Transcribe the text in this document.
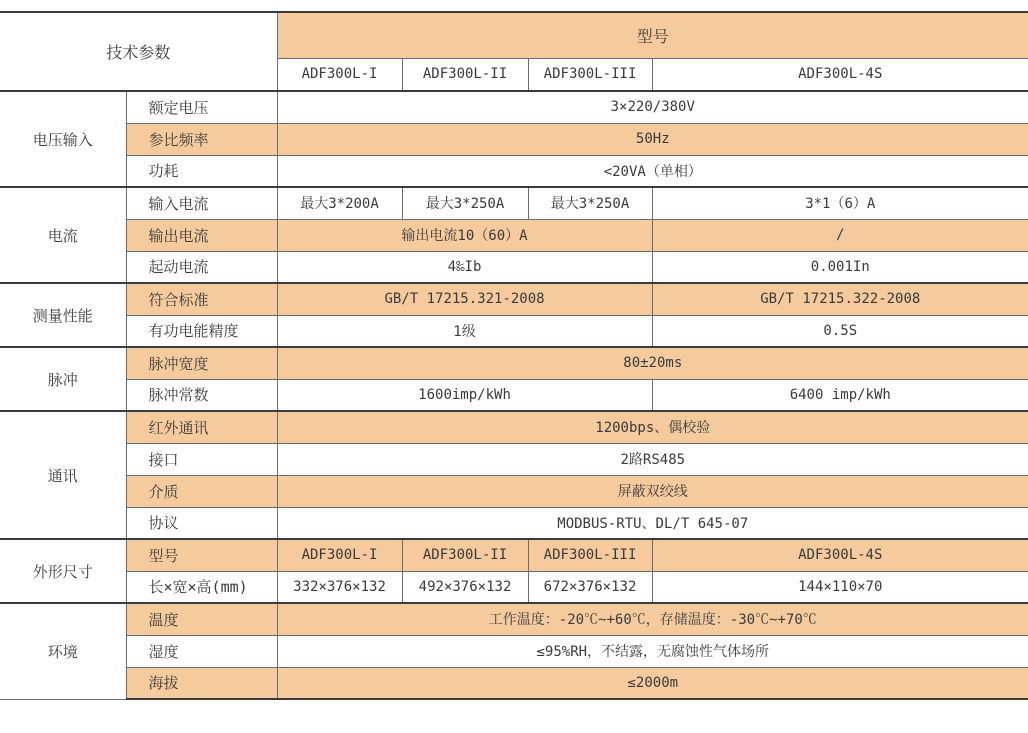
技术参数		型号			
		ADF300L-I	ADF300L-II	ADF300L-III	ADF300L-4S
电压输入	额定电压	3×220/380V			
	参比频率	50Hz			
	功耗	<20VA（单相）			
电流	输入电流	最大3*200A	最大3*250A	最大3*250A	3*1（6）A
	输出电流	输出电流10（60）A			/
	起动电流	4‰Ib			0.001In
测量性能	符合标准	GB/T 17215.321-2008			GB/T 17215.322-2008
	有功电能精度	1级			0.5S
脉冲	脉冲宽度	80±20ms			
	脉冲常数	1600imp/kWh			6400 imp/kWh
通讯	红外通讯	1200bps、偶校验			
	接口	2路RS485			
	介质	屏蔽双绞线			
	协议	MODBUS-RTU、DL/T 645-07			
外形尺寸	型号	ADF300L-I	ADF300L-II	ADF300L-III	ADF300L-4S
	长×宽×高(mm)	332×376×132	492×376×132	672×376×132	144×110×70
环境	温度	工作温度：-20℃~+60℃，存储温度：-30℃~+70℃			
	湿度	≤95%RH，不结露，无腐蚀性气体场所			
	海拔	≤2000m			
